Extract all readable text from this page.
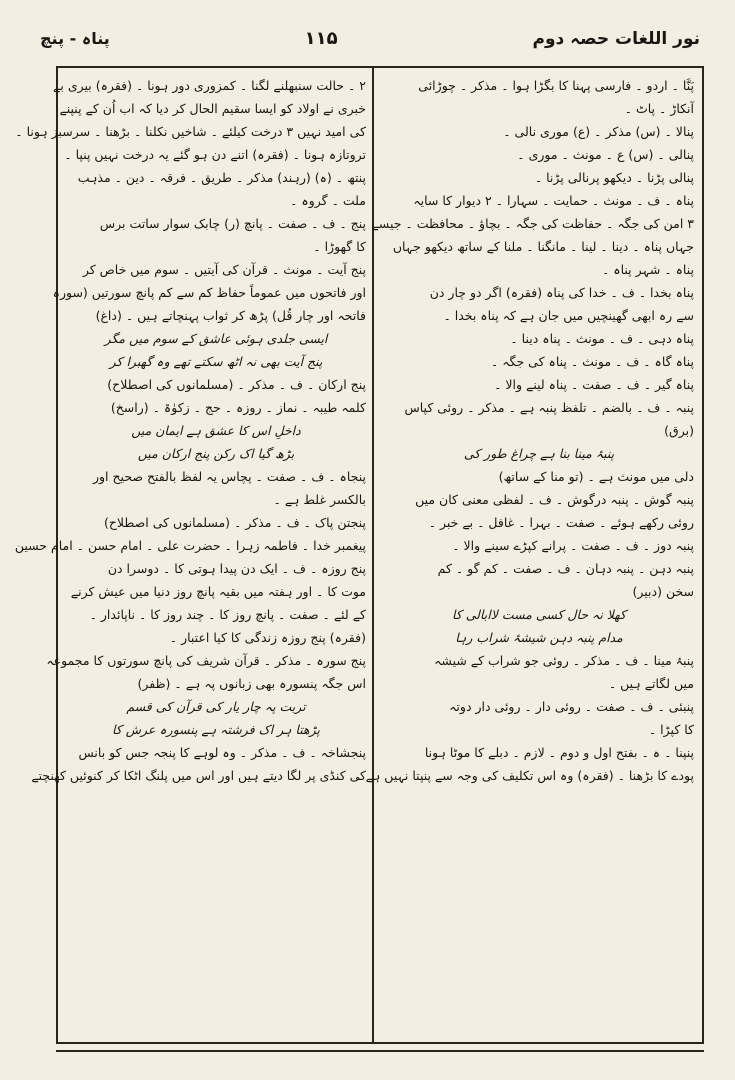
نور اللغات حصہ دوم
۱۱۵
پناہ - پنچ
پَنَّا ۔ اردو ۔ فارسی پہنا کا بگڑا ہوا ۔ مذکر ۔ چوڑائی
آنکاڑ ۔ پاٹ ۔
پنالا ۔ (س) مذکر ۔ (ع) موری نالی ۔
پنالی ۔ (س) ع ۔ مونث ۔ موری ۔
پنالی پڑنا ۔ دیکھو پرنالی پڑنا ۔
پناہ ۔ ف ۔ مونث ۔ حمایت ۔ سہارا ۔ ۲ دیوار کا سایہ
۳ امن کی جگہ ۔ حفاظت کی جگہ ۔ بچاؤ ۔ محافظت ۔ جیسے
جہاں پناہ ۔ دینا ۔ لینا ۔ مانگنا ۔ ملنا کے ساتھ دیکھو جہاں
پناہ ۔ شہر پناہ ۔
پناہ بخدا ۔ ف ۔ خدا کی پناہ (فقرہ) اگر دو چار دن
سے رہ ابھی گھینچیں میں جان ہے کہ پناہ بخدا ۔
پناہ دہی ۔ ف ۔ مونث ۔ پناہ دینا ۔
پناہ گاہ ۔ ف ۔ مونث ۔ پناہ کی جگہ ۔
پناہ گیر ۔ ف ۔ صفت ۔ پناہ لینے والا ۔
پنبہ ۔ ف ۔ بالضم ۔ تلفظ پنبہ ہے ۔ مذکر ۔ روئی کپاس
(برق)
پنبۂ مینا بنا ہے چراغ طور کی
دلی میں مونث ہے ۔ (تو منا کے ساتھ)
پنبہ گوش ۔ پنبہ درگوش ۔ ف ۔ لفظی معنی کان میں
روئی رکھے ہوئے ۔ صفت ۔ بہرا ۔ غافل ۔ بے خبر ۔
پنبہ دوز ۔ ف ۔ صفت ۔ پرانے کپڑے سینے والا ۔
پنبہ دہن ۔ پنبہ دہان ۔ ف ۔ صفت ۔ کم گو ۔ کم
سخن (دبیر)
کھلا نہ حال کسی مست لاابالی کا
مدام پنبہ دہن شیشۂ شراب رہا
پنبۂ مینا ۔ ف ۔ مذکر ۔ روئی جو شراب کے شیشہ
میں لگاتے ہیں ۔
پنبئی ۔ ف ۔ صفت ۔ روئی دار ۔ روئی دار دوتہ
کا کپڑا ۔
پنپنا ۔ ہ ۔ بفتح اول و دوم ۔ لازم ۔ دبلے کا موٹا ہونا
پودے کا بڑھنا ۔ (فقرہ) وہ اس تکلیف کی وجہ سے پنپتا نہیں ہے ۔
۲ ۔ حالت سنبھلنے لگنا ۔ کمزوری دور ہونا ۔ (فقرہ) بیری بے
خبری نے اولاد کو ایسا سقیم الحال کر دیا کہ اب اُن کے پنپنے
کی امید نہیں ۳ درخت کیلئے ۔ شاخیں نکلنا ۔ بڑھنا ۔ سرسبز ہونا ۔
تروتازہ ہونا ۔ (فقرہ) اتنے دن ہو گئے یہ درخت نہیں پنپا ۔
پنتھ ۔ (ہ) (رہند) مذکر ۔ طریق ۔ فرقہ ۔ دین ۔ مذہب
ملت ۔ گروہ ۔
پنج ۔ ف ۔ صفت ۔ پانچ (ر) چابک سوار ساتت برس
کا گھوڑا ۔
پنج آیت ۔ مونث ۔ قرآن کی آیتیں ۔ سوم میں خاص کر
اور فاتحوں میں عموماً حفاظ کم سے کم پانچ سورتیں (سورہ
فاتحہ اور چار قُل) پڑھ کر ثواب پہنچاتے ہیں ۔ (داغ)
ایسی جلدی ہوئی عاشق کے سوم میں مگر
پنج آیت بھی نہ اٹھ سکتے تھے وہ گھبرا کر
پنج ارکان ۔ ف ۔ مذکر ۔ (مسلمانوں کی اصطلاح)
کلمہ طیبہ ۔ نماز ۔ روزہ ۔ حج ۔ زکوٰۃ ۔ (راسخ)
داخلِ اس کا عشق ہے ایمان میں
بڑھ گیا اک رکن پنج ارکان میں
پنجاہ ۔ ف ۔ صفت ۔ پچاس یہ لفظ بالفتح صحیح اور
بالکسر غلط ہے ۔
پنجتن پاک ۔ ف ۔ مذکر ۔ (مسلمانوں کی اصطلاح)
پیغمبر خدا ۔ فاطمہ زہرا ۔ حضرت علی ۔ امام حسن ۔ امام حسین
پنج روزہ ۔ ف ۔ ایک دن پیدا ہوتی کا ۔ دوسرا دن
موت کا ۔ اور ہفتہ میں بقیہ پانچ روز دنیا میں عیش کرنے
کے لئے ۔ صفت ۔ پانچ روز کا ۔ چند روز کا ۔ ناپائدار ۔
(فقرہ) پنج روزہ زندگی کا کیا اعتبار ۔
پنج سورہ ۔ مذکر ۔ قرآن شریف کی پانچ سورتوں کا مجموعہ
اس جگہ پنسورہ بھی زبانوں پہ ہے ۔ (ظفر)
تربت پہ چار یار کی قرآن کی قسم
پڑھتا ہر اک فرشتہ ہے پنسورہ عرش کا
پنجشاخہ ۔ ف ۔ مذکر ۔ وہ لوہے کا پنجہ جس کو بانس
کی کنڈی پر لگا دیتے ہیں اور اس میں پلنگ اٹکا کر کنوئیں کھنچتے
